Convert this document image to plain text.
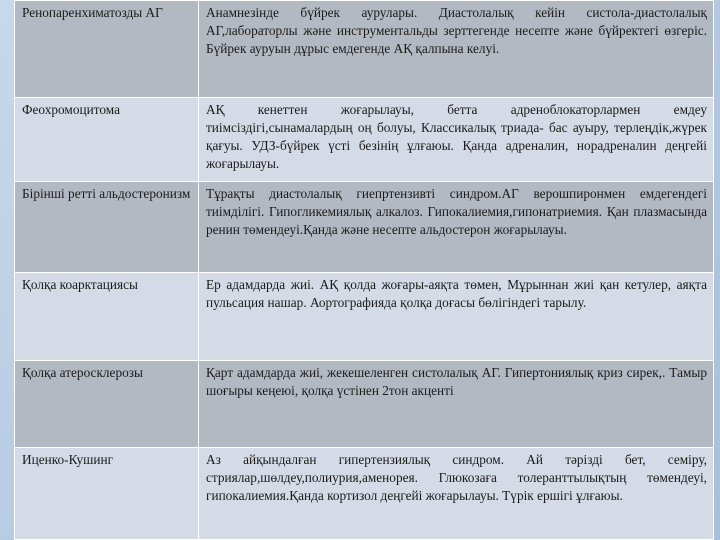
Ренопаренхиматозды АГ	Анамнезінде бүйрек аурулары. Диастолалық кейін систола-диастолалық АГ,лабораторлы және инструментальды зерттегенде несепте және бүйректегі өзгеріс. Бүйрек ауруын дұрыс емдегенде АҚ қалпына келуі.
Феохромоцитома	АҚ кенеттен жоғарылауы, бетта адреноблокаторлармен емдеу тиімсіздігі,сынамалардың оң болуы, Классикалық триада- бас ауыру, терлеңдік,жүрек қағуы. УДЗ-бүйрек үсті безінің ұлғаюы. Қанда адреналин, норадреналин деңгейі жоғарылауы.
Біріншi реттi альдостеронизм	Тұрақты диастолалық гиепртензивті синдром.АГ верошпиронмен емдегендегі тиімділігі. Гипогликемиялық алкалоз. Гипокалиемия,гипонатриемия. Қан плазмасында ренин төмендеуі.Қанда және несепте альдостерон жоғарылауы.
Қолқа коарктациясы	Ер адамдарда жиі. АҚ қолда жоғары-аяқта төмен, Мұрыннан жиі қан кетулер, аяқта пульсация нашар. Аортографияда қолқа доғасы бөлігіндегі тарылу.
Қолқа атеросклерозы	Қарт адамдарда жиі, жекешеленген систолалық АГ. Гипертониялық криз сирек,. Тамыр шоғыры кеңеюі, қолқа үстінен 2тон акценті
Иценко-Кушинг	Аз айқындалған гипертензиялық синдром. Ай тәрізді бет, семіру, стриялар,шөлдеу,полиурия,аменорея. Глюкозаға толеранттылықтың төмендеуі, гипокалиемия.Қанда кортизол деңгейі жоғарылауы. Түрік ершігі ұлғаюы.
